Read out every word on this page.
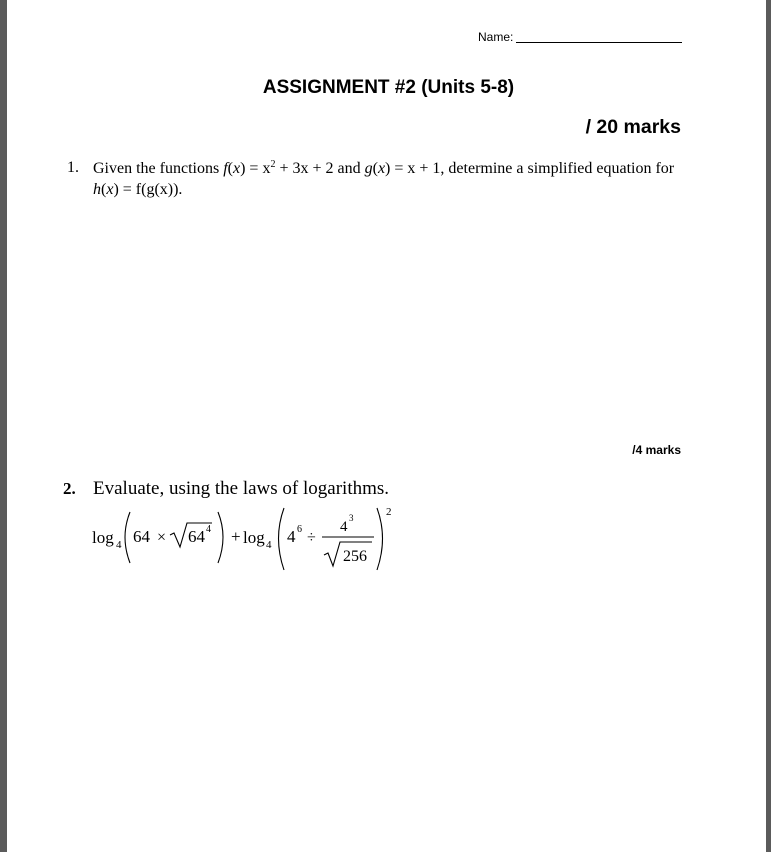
Name:
ASSIGNMENT #2 (Units 5-8)
/ 20 marks
1. Given the functions $f(x) = x^2 + 3x + 2$ and g(x) = x + 1, determine a simplified equation for
h(x) = f(g(x)).
/4 marks
2. Evaluate, using the laws of logarithms.
log 4 64 × 64 4 + log 4 4 6 ÷
4
3
256
2
